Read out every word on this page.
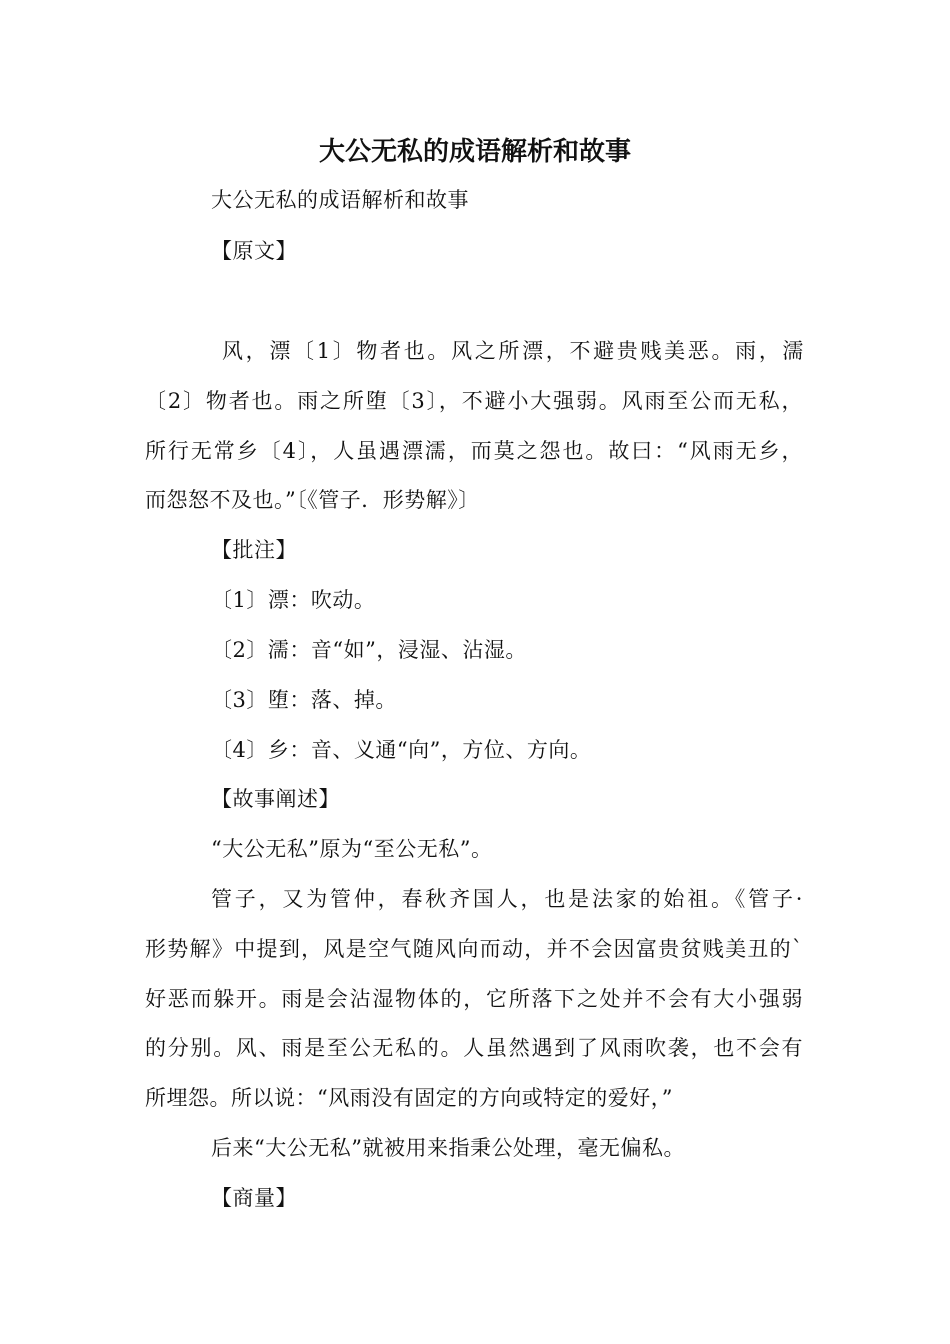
大公无私的成语解析和故事
大公无私的成语解析和故事
【原文】
风，漂〔1〕物者也。风之所漂，不避贵贱美恶。雨，濡
〔2〕物者也。雨之所堕〔3〕，不避小大强弱。风雨至公而无私，
所行无常乡〔4〕，人虽遇漂濡，而莫之怨也。故曰：“风雨无乡，
而怨怒不及也。”〔《管子．形势解》〕
【批注】
〔1〕漂：吹动。
〔2〕濡：音“如”，浸湿、沾湿。
〔3〕堕：落、掉。
〔4〕乡：音、义通“向”，方位、方向。
【故事阐述】
“大公无私”原为“至公无私”。
管子，又为管仲，春秋齐国人，也是法家的始祖。《管子·
形势解》中提到，风是空气随风向而动，并不会因富贵贫贱美丑的`
好恶而躲开。雨是会沾湿物体的，它所落下之处并不会有大小强弱
的分别。风、雨是至公无私的。人虽然遇到了风雨吹袭，也不会有
所埋怨。所以说：“风雨没有固定的方向或特定的爱好，”
后来“大公无私”就被用来指秉公处理，毫无偏私。
【商量】
